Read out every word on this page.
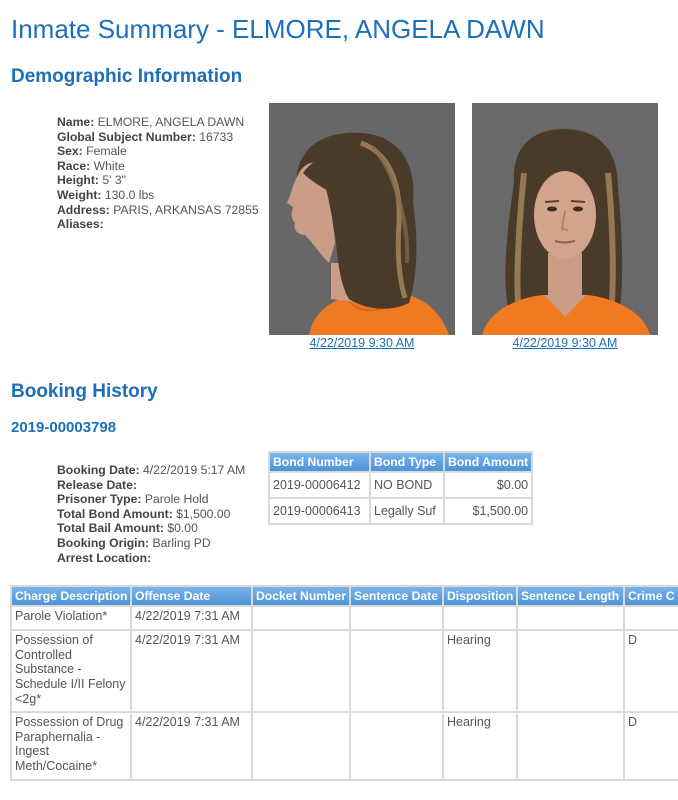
Inmate Summary - ELMORE, ANGELA DAWN
Demographic Information
Name: ELMORE, ANGELA DAWN
Global Subject Number: 16733
Sex: Female
Race: White
Height: 5' 3"
Weight: 130.0 lbs
Address: PARIS, ARKANSAS 72855
Aliases:
4/22/2019 9:30 AM	4/22/2019 9:30 AM
Booking History
2019-00003798
Booking Date: 4/22/2019 5:17 AM
Release Date:
Prisoner Type: Parole Hold
Total Bond Amount: $1,500.00
Total Bail Amount: $0.00
Booking Origin: Barling PD
Arrest Location:
Bond Number	Bond Type	Bond Amount
2019-00006412	NO BOND	$0.00
2019-00006413	Legally Suf	$1,500.00
Charge Description	Offense Date	Docket Number	Sentence Date	Disposition	Sentence Length	Crime C
Parole Violation*	4/22/2019 7:31 AM					
Possession of Controlled Substance - Schedule I/II Felony <2g*	4/22/2019 7:31 AM			Hearing		D
Possession of Drug Paraphernalia - Ingest Meth/Cocaine*	4/22/2019 7:31 AM			Hearing		D
